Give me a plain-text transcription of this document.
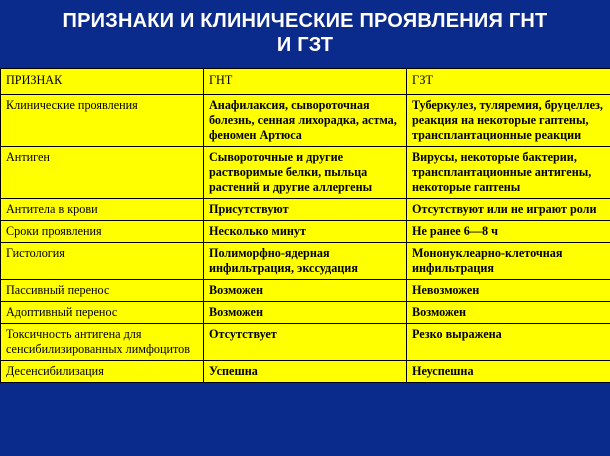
ПРИЗНАКИ И КЛИНИЧЕСКИЕ ПРОЯВЛЕНИЯ ГНТ
И ГЗТ
ПРИЗНАК	ГНТ	ГЗТ
Клинические проявления	Анафилаксия, сывороточная болезнь, сенная лихорадка, астма, феномен Артюса	Туберкулез, туляремия, бруцеллез, реакция на некоторые гаптены, трансплантационные реакции
Антиген	Сывороточные и другие растворимые белки, пыльца растений и другие аллергены	Вирусы, некоторые бактерии, трансплантационные антигены, некоторые гаптены
Антитела в крови	Присутствуют	Отсутствуют или не играют роли
Сроки проявления	Несколько минут	Не ранее 6—8 ч
Гистология	Полиморфно-ядерная инфильтрация, экссудация	Мононуклеарно-клеточная инфильтрация
Пассивный перенос	Возможен	Невозможен
Адоптивный перенос	Возможен	Возможен
Токсичность антигена для сенсибилизированных лимфоцитов	Отсутствует	Резко выражена
Десенсибилизация	Успешна	Неуспешна
